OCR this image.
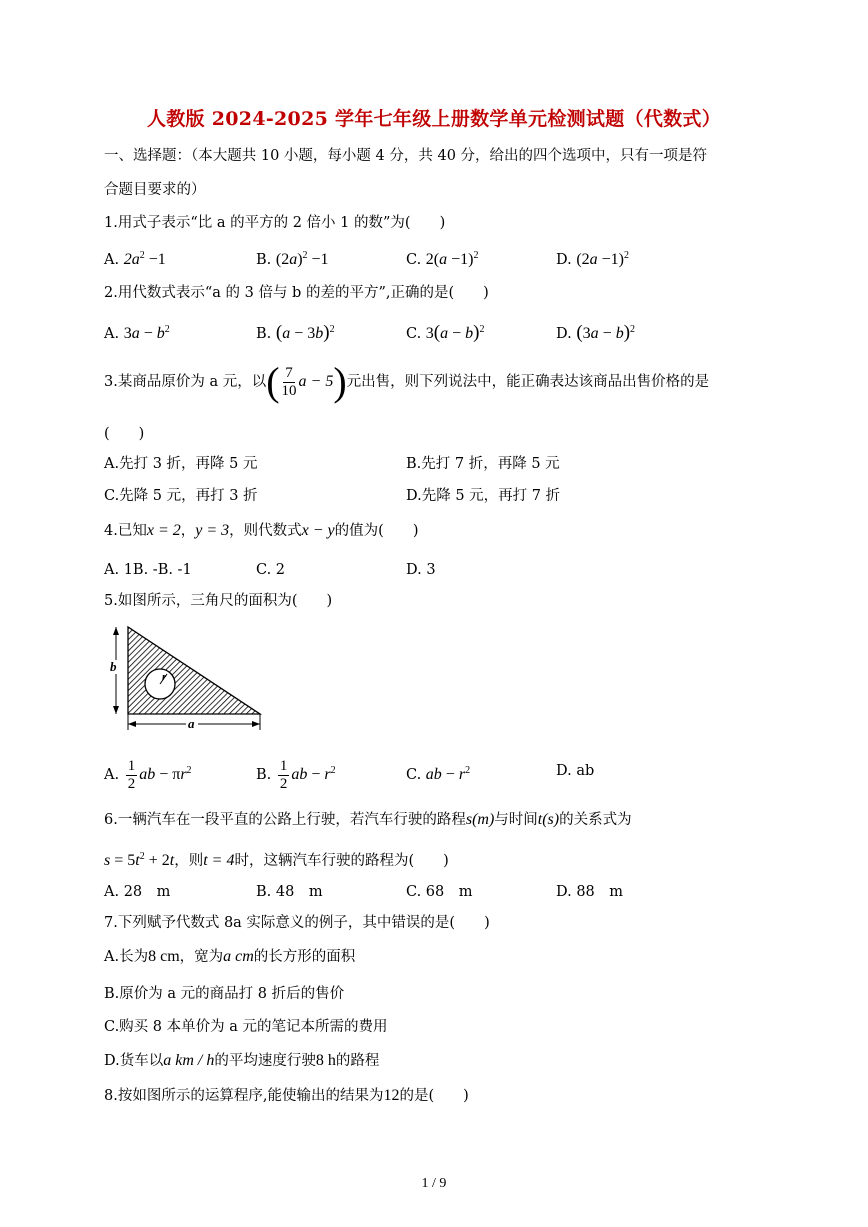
人教版 2024-2025 学年七年级上册数学单元检测试题（代数式）
一、选择题：（本大题共 10 小题，每小题 4 分，共 40 分，给出的四个选项中，只有一项是符
合题目要求的）
1.用式子表示“比 a 的平方的 2 倍小 1 的数”为(　　)
A. $2a^2 -1$	B. $(2a)^2 -1$	C. $2(a -1)^2$	D. $(2a -1)^2$
2.用代数式表示“a 的 3 倍与 b 的差的平方”,正确的是(　　)
A. $3a - b^2$	B. $(a - 3b)^2$	C. $3(a - b)^2$	D. $(3a - b)^2$
3.某商品原价为 a 元，以( $\frac{7}{10}$ a − 5)元出售，则下列说法中，能正确表达该商品出售价格的是
(　　)
A.先打 3 折，再降 5 元	B.先打 7 折，再降 5 元
C.先降 5 元，再打 3 折	D.先降 5 元，再打 7 折
4.已知x = 2，y = 3，则代数式x − y的值为(　　)
A. 1B. -B. -1	C. 2	D. 3
5.如图所示，三角尺的面积为(　　)
b
r
a
A. $\frac{1}{2}$ ab − $\pi r^2$	B. $\frac{1}{2}$ ab − $r^2$	C. ab − $r^2$	D. ab
6.一辆汽车在一段平直的公路上行驶，若汽车行驶的路程s(m)与时间t(s)的关系式为
$s = 5t^2 + 2t$，则t = 4时，这辆汽车行驶的路程为(　　)
A. 28　m	B. 48　m	C. 68　m	D. 88　m
7.下列赋予代数式 8a 实际意义的例子，其中错误的是(　　)
A.长为8 cm，宽为a cm的长方形的面积
B.原价为 a 元的商品打 8 折后的售价
C.购买 8 本单价为 a 元的笔记本所需的费用
D.货车以a km / h的平均速度行驶8 h的路程
8.按如图所示的运算程序,能使输出的结果为12的是(　　)
1 / 9
